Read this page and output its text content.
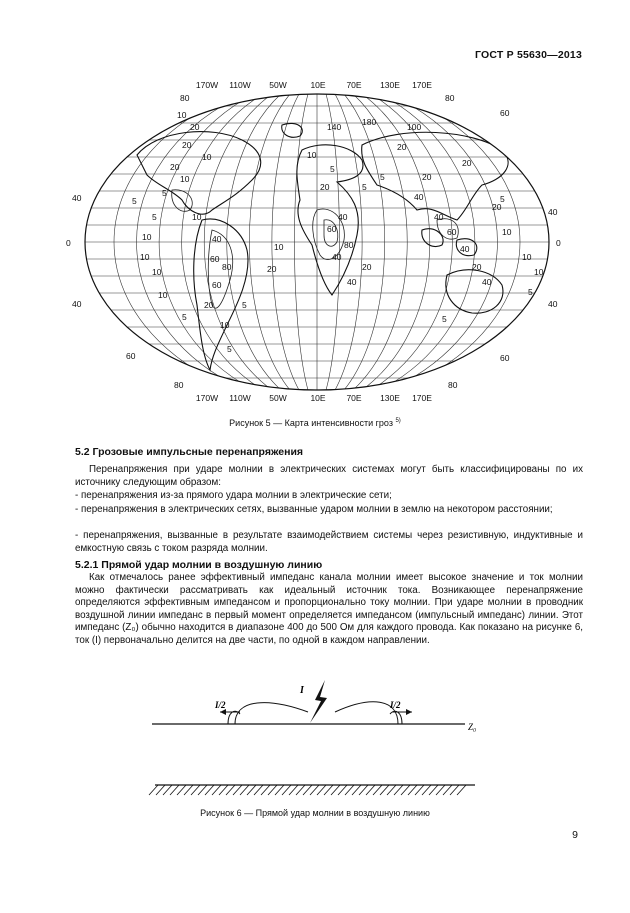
ГОСТ Р 55630—2013
10
20
20
10
20
10
5
5
10
40
60
80
60
20
10
5
5
10
10
10
10
10
5
20
40
60
80
40
5
20
20
40
40
60
40
20
40
10
10
5
10
20
20
5
5
5
20
10
40
20
5
5
140 180	100
170W 110W 50W	10E 70E 130E 170E
170W 110W 50W	10E 70E 130E 170E
80
40
0
40
60
80
80
60
40
0
40
60
80
Рисунок 5 — Карта интенсивности гроз $^{5)}$
5.2 Грозовые импульсные перенапряжения
Перенапряжения при ударе молнии в электрических системах могут быть классифицированы по их источнику следующим образом:
- перенапряжения из-за прямого удара молнии в электрические сети;
- перенапряжения в электрических сетях, вызванные ударом молнии в землю на некотором расстоянии;
- перенапряжения, вызванные в результате взаимодействием системы через резистивную, индуктивные и емкостную связь с током разряда молнии.
5.2.1 Прямой удар молнии в воздушную линию
Как отмечалось ранее эффективный импеданс канала молнии имеет высокое значение и ток молнии можно фактически рассматривать как идеальный источник тока. Возникающее перенапряжение определяются эффективным импедансом и пропорционально току молнии. При ударе молнии в проводник воздушной линии импеданс в первый момент определяется импедансом (импульсный импеданс) линии. Этот импеданс (Z₀) обычно находится в диапазоне 400 до 500 Ом для каждого провода. Как показано на рисунке 6, ток (I) первоначально делится на две части, по одной в каждом направлении.
I
I/2	I/2
Z₀
Рисунок 6 — Прямой удар молнии в воздушную линию
9
